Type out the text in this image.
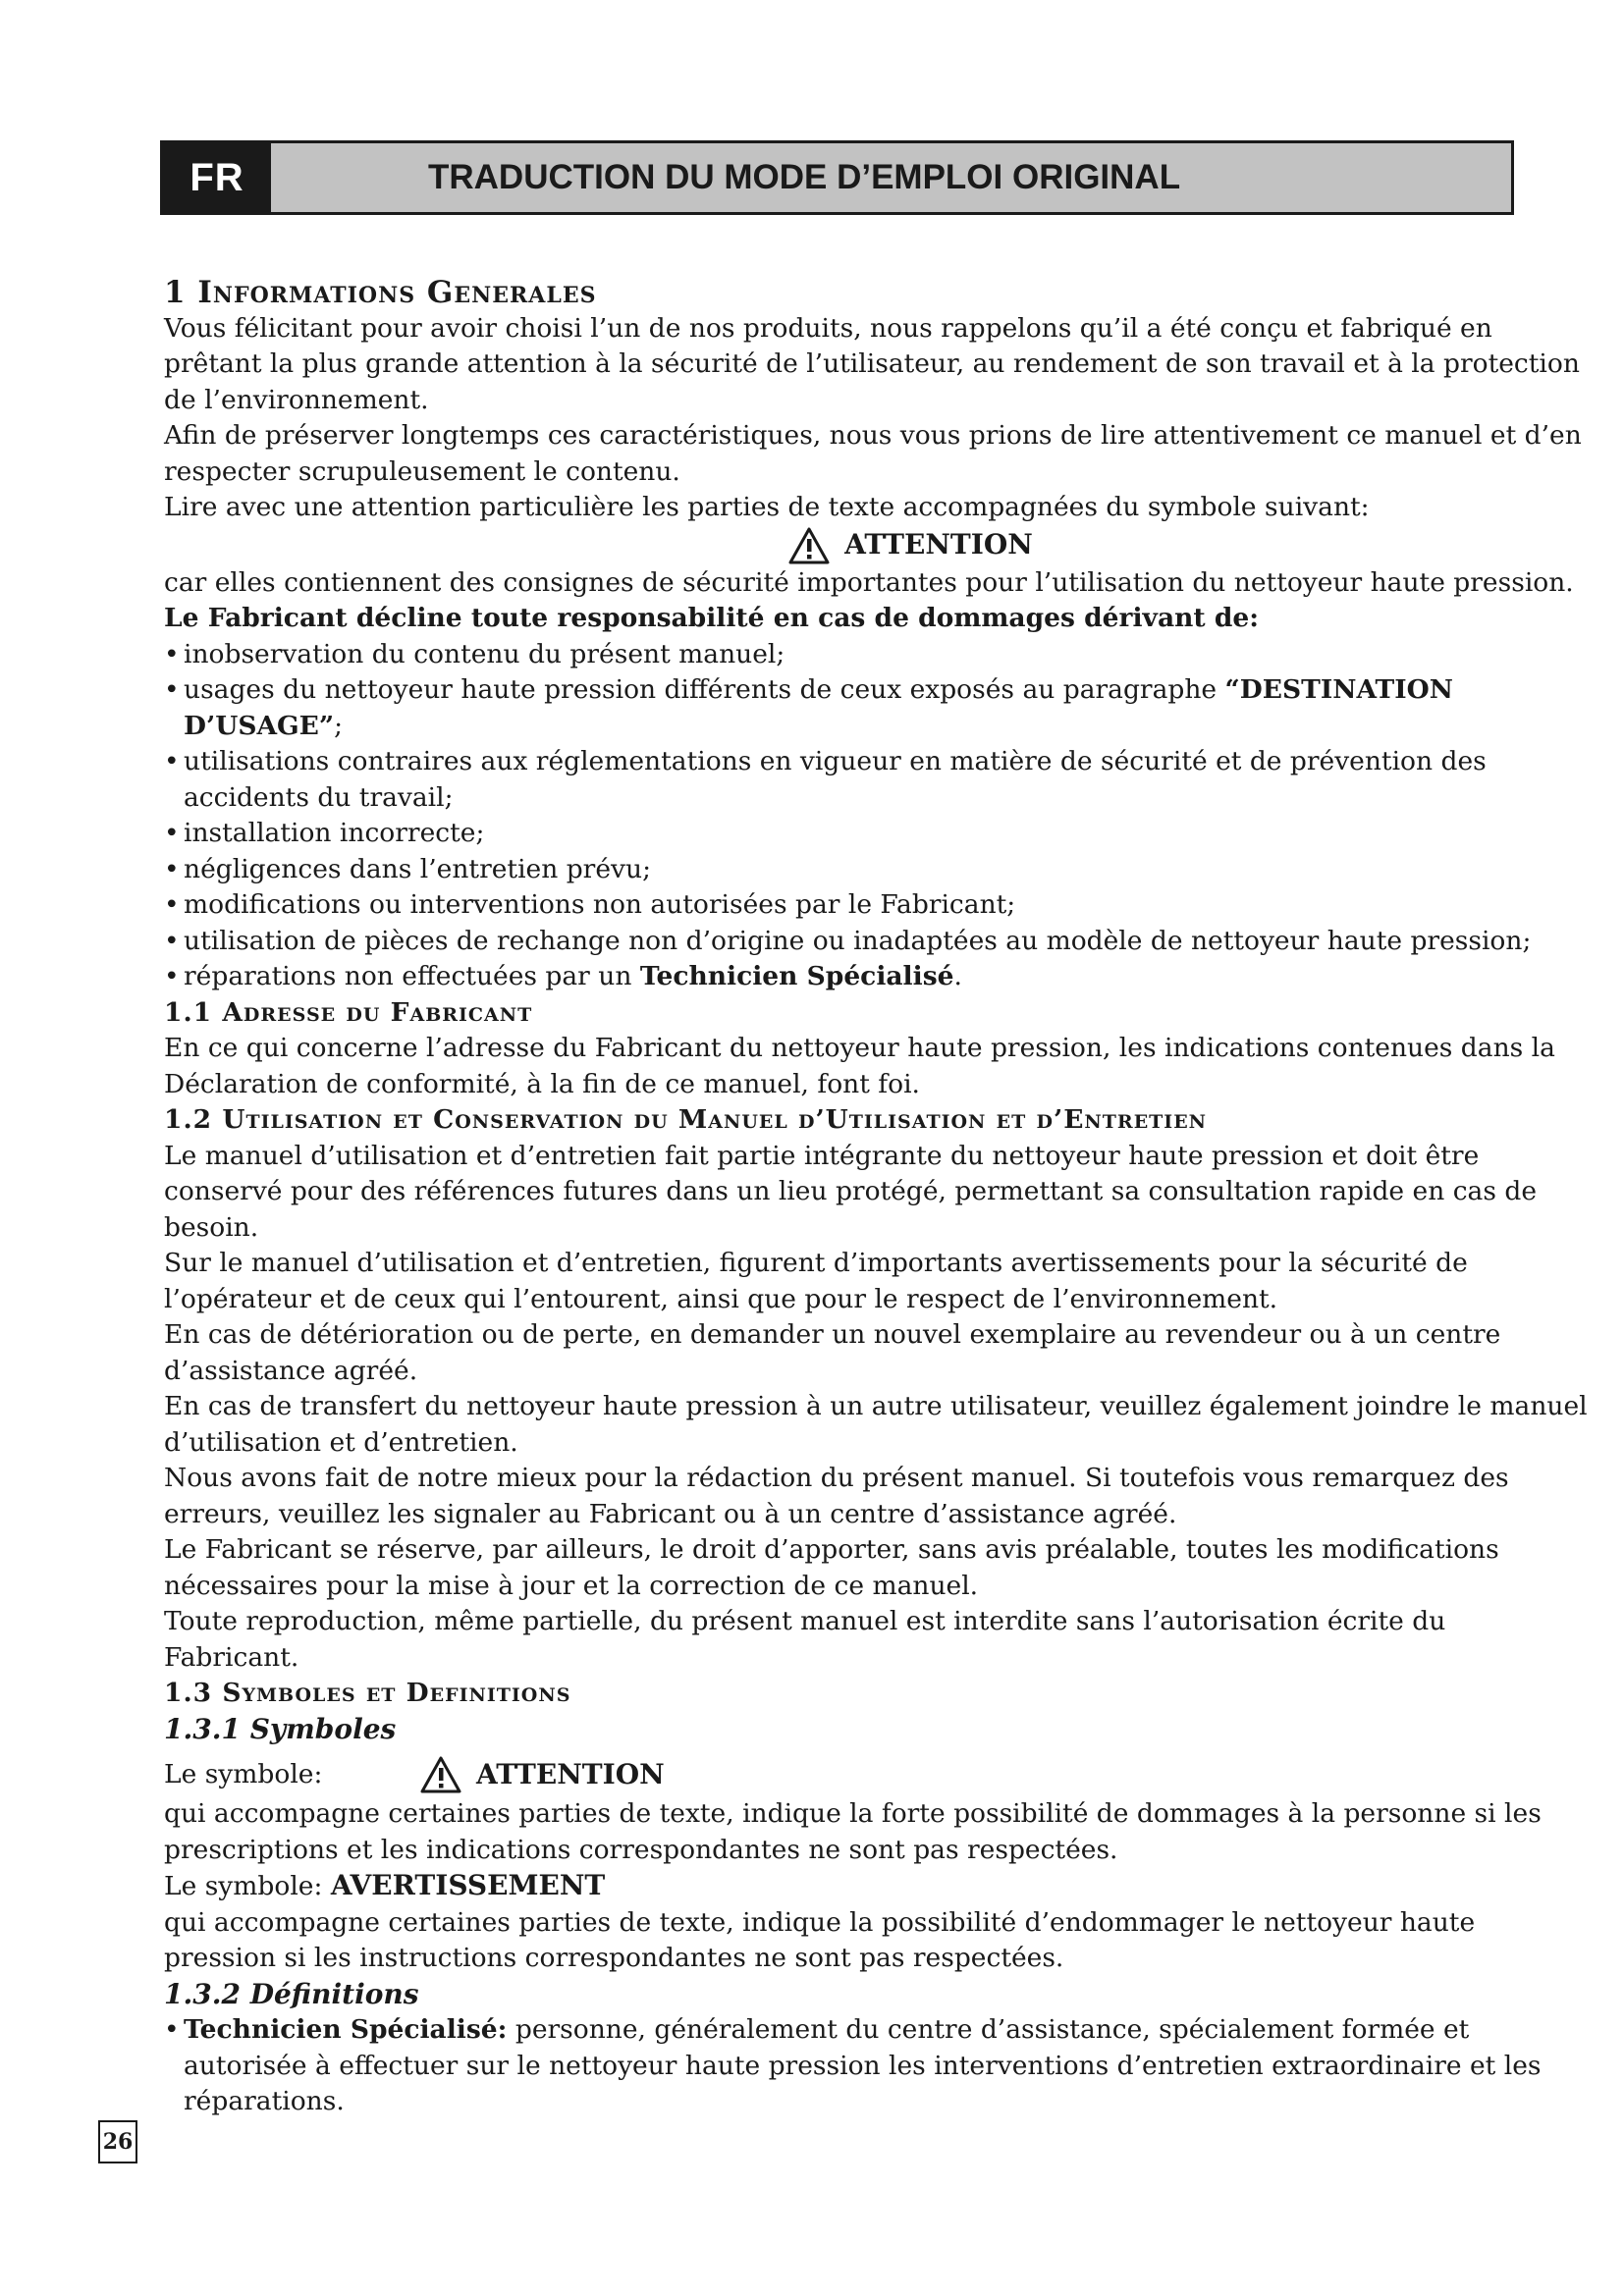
FR	TRADUCTION DU MODE D’EMPLOI ORIGINAL

1 Informations Generales

Vous félicitant pour avoir choisi l’un de nos produits, nous rappelons qu’il a été conçu et fabriqué en prêtant la plus grande attention à la sécurité de l’utilisateur, au rendement de son travail et à la protection de l’environnement.

Afin de préserver longtemps ces caractéristiques, nous vous prions de lire attentivement ce manuel et d’en respecter scrupuleusement le contenu.

Lire avec une attention particulière les parties de texte accompagnées du symbole suivant:

ATTENTION

car elles contiennent des consignes de sécurité importantes pour l’utilisation du nettoyeur haute pression.

Le Fabricant décline toute responsabilité en cas de dommages dérivant de:

• inobservation du contenu du présent manuel;
• usages du nettoyeur haute pression différents de ceux exposés au paragraphe “DESTINATION D’USAGE”;
• utilisations contraires aux réglementations en vigueur en matière de sécurité et de prévention des accidents du travail;
• installation incorrecte;
• négligences dans l’entretien prévu;
• modifications ou interventions non autorisées par le Fabricant;
• utilisation de pièces de rechange non d’origine ou inadaptées au modèle de nettoyeur haute pression;
• réparations non effectuées par un Technicien Spécialisé.

1.1 Adresse du Fabricant

En ce qui concerne l’adresse du Fabricant du nettoyeur haute pression, les indications contenues dans la Déclaration de conformité, à la fin de ce manuel, font foi.

1.2 Utilisation et Conservation du Manuel d’Utilisation et d’Entretien

Le manuel d’utilisation et d’entretien fait partie intégrante du nettoyeur haute pression et doit être conservé pour des références futures dans un lieu protégé, permettant sa consultation rapide en cas de besoin.

Sur le manuel d’utilisation et d’entretien, figurent d’importants avertissements pour la sécurité de l’opérateur et de ceux qui l’entourent, ainsi que pour le respect de l’environnement.

En cas de détérioration ou de perte, en demander un nouvel exemplaire au revendeur ou à un centre d’assistance agréé.

En cas de transfert du nettoyeur haute pression à un autre utilisateur, veuillez également joindre le manuel d’utilisation et d’entretien.

Nous avons fait de notre mieux pour la rédaction du présent manuel. Si toutefois vous remarquez des erreurs, veuillez les signaler au Fabricant ou à un centre d’assistance agréé.

Le Fabricant se réserve, par ailleurs, le droit d’apporter, sans avis préalable, toutes les modifications nécessaires pour la mise à jour et la correction de ce manuel.

Toute reproduction, même partielle, du présent manuel est interdite sans l’autorisation écrite du Fabricant.

1.3 Symboles et Definitions

1.3.1 Symboles

Le symbole:	ATTENTION

qui accompagne certaines parties de texte, indique la forte possibilité de dommages à la personne si les prescriptions et les indications correspondantes ne sont pas respectées.

Le symbole: AVERTISSEMENT

qui accompagne certaines parties de texte, indique la possibilité d’endommager le nettoyeur haute pression si les instructions correspondantes ne sont pas respectées.

1.3.2 Définitions

• Technicien Spécialisé: personne, généralement du centre d’assistance, spécialement formée et autorisée à effectuer sur le nettoyeur haute pression les interventions d’entretien extraordinaire et les réparations.
26
